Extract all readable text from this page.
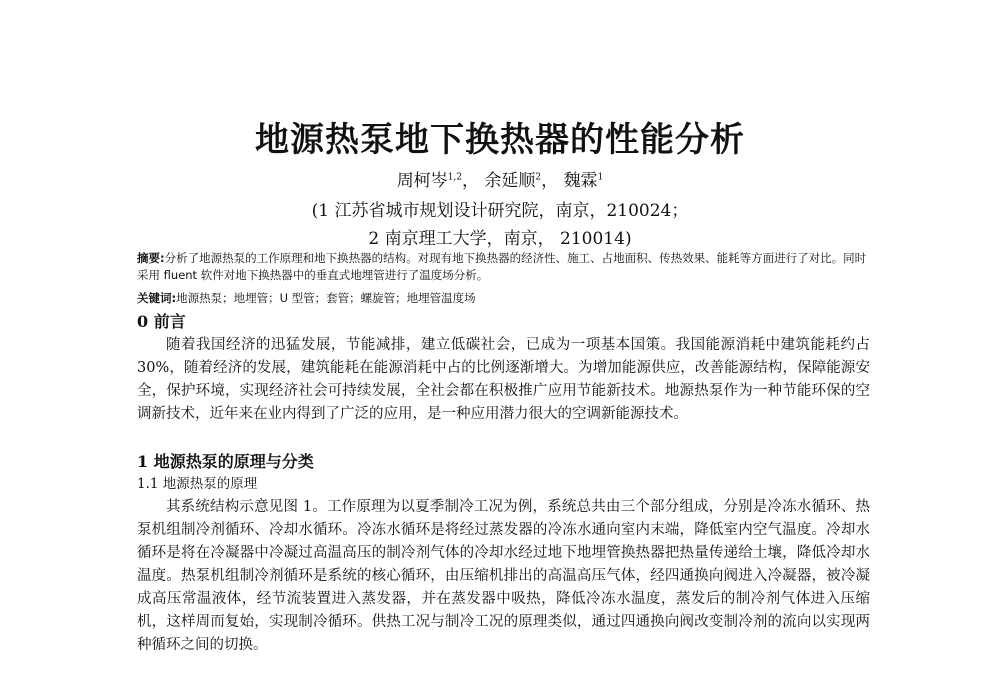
地源热泵地下换热器的性能分析
周柯岑$^{1,2}$， 余延顺$^2$， 魏霖$^1$
(1 江苏省城市规划设计研究院，南京，210024；
2 南京理工大学，南京， 210014)
摘要:分析了地源热泵的工作原理和地下换热器的结构。对现有地下换热器的经济性、施工、占地面积、传热效果、能耗等方面进行了对比。同时采用 fluent 软件对地下换热器中的垂直式地埋管进行了温度场分析。
关键词:地源热泵；地埋管；U 型管；套管；螺旋管；地埋管温度场
0 前言

随着我国经济的迅猛发展，节能减排，建立低碳社会，已成为一项基本国策。我国能源消耗中建筑能耗约占 30%，随着经济的发展，建筑能耗在能源消耗中占的比例逐渐增大。为增加能源供应，改善能源结构，保障能源安全，保护环境，实现经济社会可持续发展，全社会都在积极推广应用节能新技术。地源热泵作为一种节能环保的空调新技术，近年来在业内得到了广泛的应用，是一种应用潜力很大的空调新能源技术。

1 地源热泵的原理与分类
1.1 地源热泵的原理

其系统结构示意见图 1。工作原理为以夏季制冷工况为例，系统总共由三个部分组成，分别是冷冻水循环、热泵机组制冷剂循环、冷却水循环。冷冻水循环是将经过蒸发器的冷冻水通向室内末端，降低室内空气温度。冷却水循环是将在冷凝器中冷凝过高温高压的制冷剂气体的冷却水经过地下地埋管换热器把热量传递给土壤，降低冷却水温度。热泵机组制冷剂循环是系统的核心循环，由压缩机排出的高温高压气体，经四通换向阀进入冷凝器，被冷凝成高压常温液体，经节流装置进入蒸发器，并在蒸发器中吸热，降低冷冻水温度，蒸发后的制冷剂气体进入压缩机，这样周而复始，实现制冷循环。供热工况与制冷工况的原理类似，通过四通换向阀改变制冷剂的流向以实现两种循环之间的切换。
